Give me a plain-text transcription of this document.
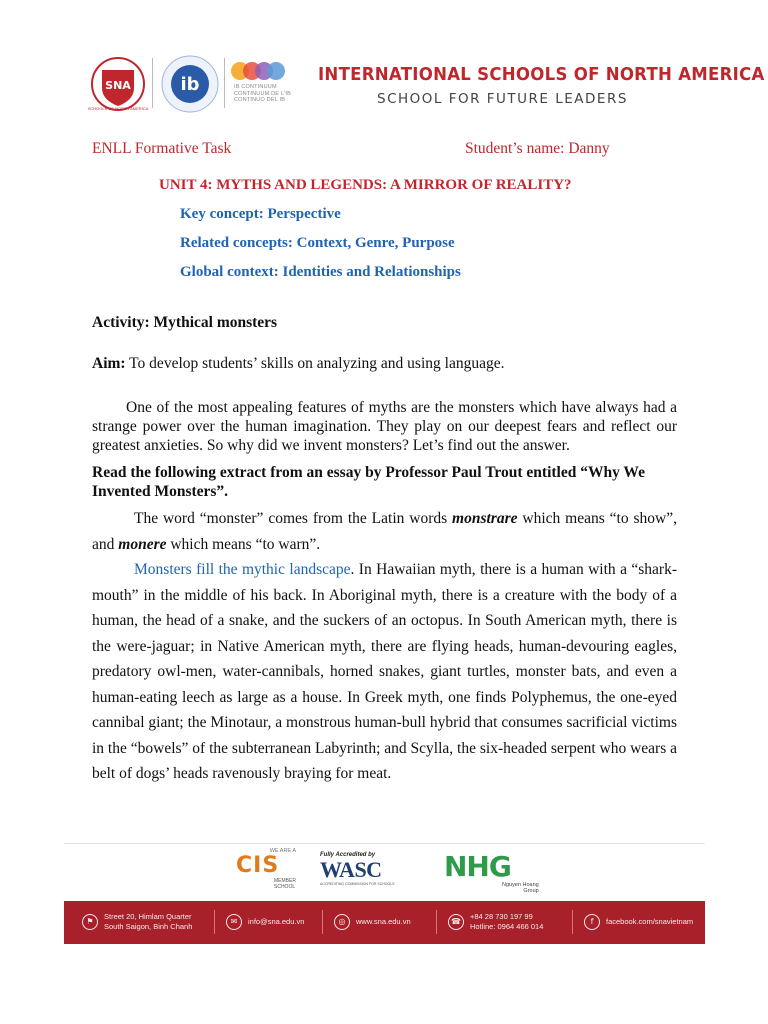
SNA
SCHOOLS OF NORTH AMERICA
ib	IB CONTINUUM
CONTINUUM DE L'IB
CONTINUO DEL IB
INTERNATIONAL SCHOOLS OF NORTH AMERICA
SCHOOL FOR FUTURE LEADERS
ENLL Formative Task	Student’s name: Danny
UNIT 4: MYTHS AND LEGENDS: A MIRROR OF REALITY?
Key concept: Perspective
Related concepts: Context, Genre, Purpose
Global context: Identities and Relationships
Activity: Mythical monsters
Aim: To develop students’ skills on analyzing and using language.
One of the most appealing features of myths are the monsters which have always had a strange power over the human imagination. They play on our deepest fears and reflect our greatest anxieties. So why did we invent monsters? Let’s find out the answer.
Read the following extract from an essay by Professor Paul Trout entitled “Why We Invented Monsters”.
The word “monster” comes from the Latin words monstrare which means “to show”, and monere which means “to warn”.
Monsters fill the mythic landscape. In Hawaiian myth, there is a human with a “shark-mouth” in the middle of his back. In Aboriginal myth, there is a creature with the body of a human, the head of a snake, and the suckers of an octopus. In South American myth, there is the were-jaguar; in Native American myth, there are flying heads, human-devouring eagles, predatory owl-men, water-cannibals, horned snakes, giant turtles, monster bats, and even a human-eating leech as large as a house. In Greek myth, one finds Polyphemus, the one-eyed cannibal giant; the Minotaur, a monstrous human-bull hybrid that consumes sacrificial victims in the “bowels” of the subterranean Labyrinth; and Scylla, the six-headed serpent who wears a belt of dogs’ heads ravenously braying for meat.
WE ARE A
CIS
MEMBER
SCHOOL
Fully Accredited by
WASC
ACCREDITING COMMISSION FOR SCHOOLS
NHG
Nguyen Hoang
Group
⚑
Street 20, Himlam Quarter
South Saigon, Binh Chanh
✉	info@sna.edu.vn	◎	www.sna.edu.vn	☎
+84 28 730 197 99
Hotline: 0964 466 014
f	facebook.com/snavietnam
